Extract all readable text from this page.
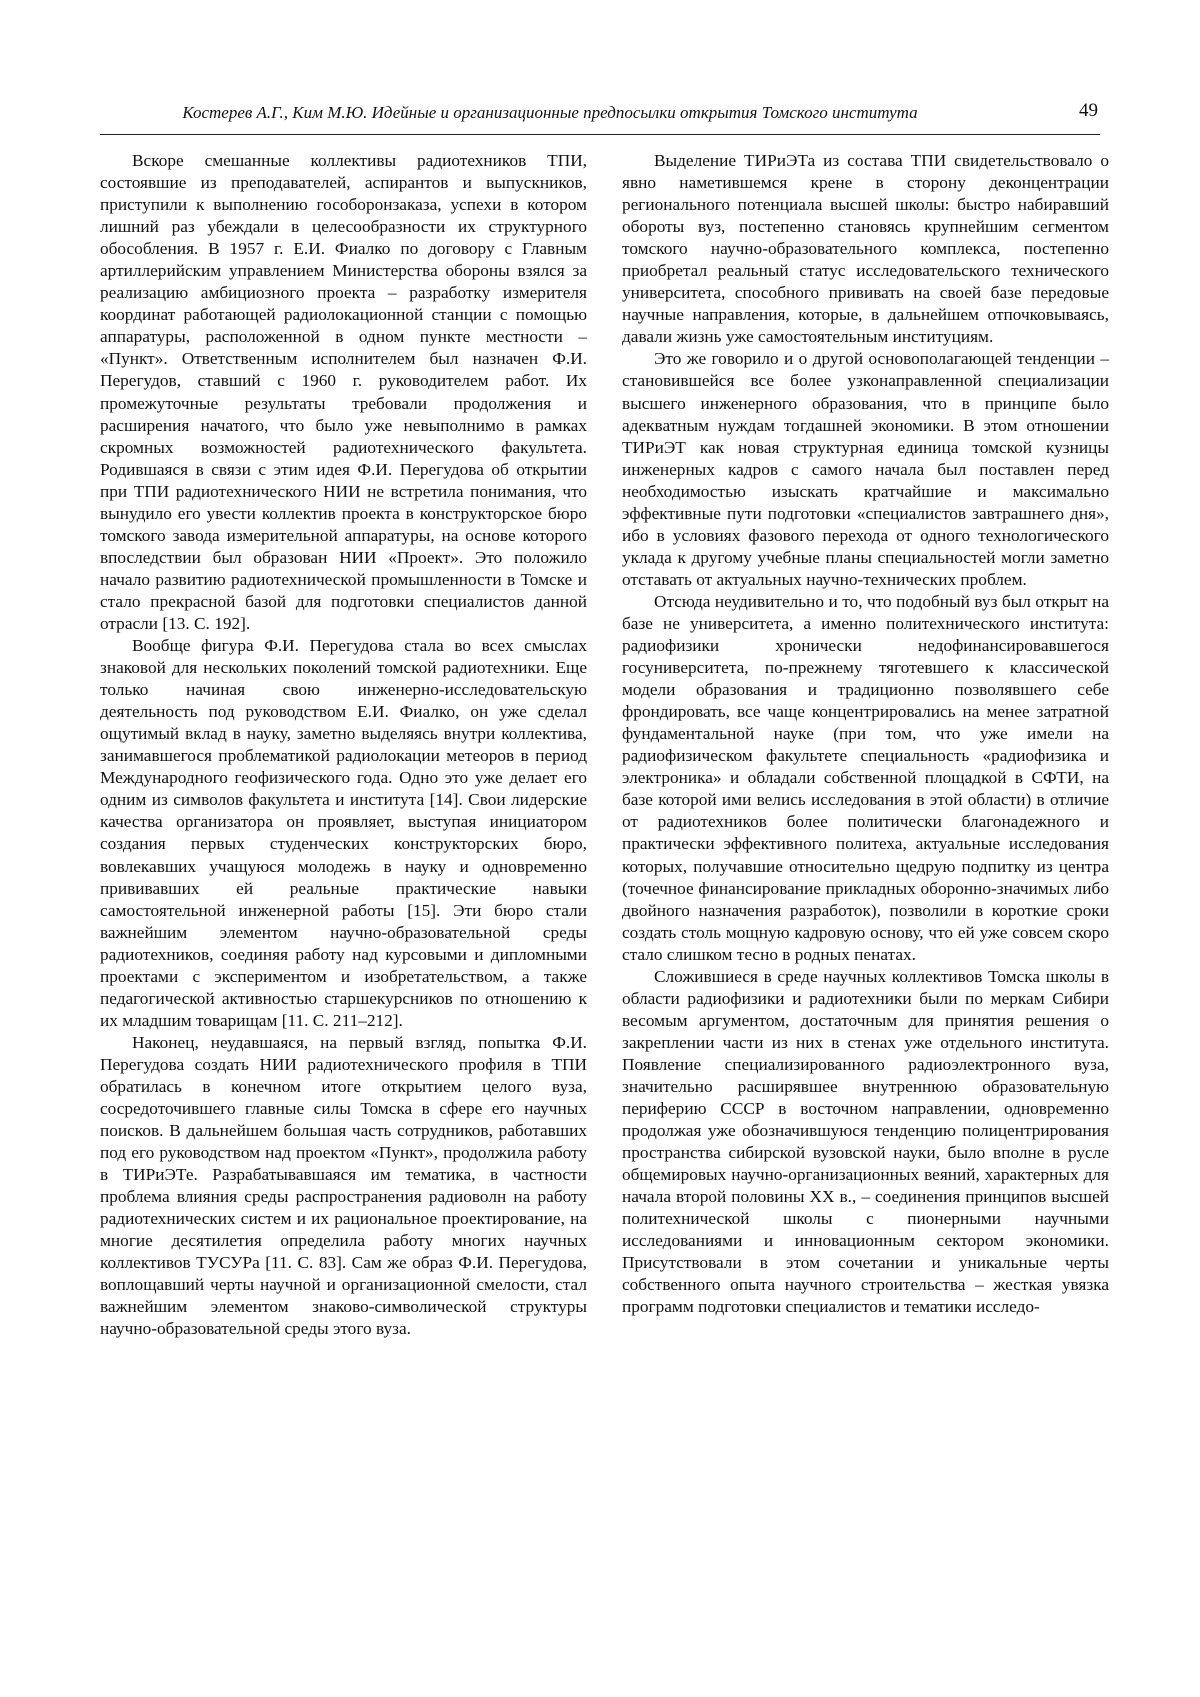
Костерев А.Г., Ким М.Ю. Идейные и организационные предпосылки открытия Томского института	49

Вскоре смешанные коллективы радиотехников ТПИ, состоявшие из преподавателей, аспирантов и выпускников, приступили к выполнению гособоронзаказа, успехи в котором лишний раз убеждали в целесообразности их структурного обособления. В 1957 г. Е.И. Фиалко по договору с Главным артиллерийским управлением Министерства обороны взялся за реализацию амбициозного проекта – разработку измерителя координат работающей радиолокационной станции с помощью аппаратуры, расположенной в одном пункте местности – «Пункт». Ответственным исполнителем был назначен Ф.И. Перегудов, ставший с 1960 г. руководителем работ. Их промежуточные результаты требовали продолжения и расширения начатого, что было уже невыполнимо в рамках скромных возможностей радиотехнического факультета. Родившаяся в связи с этим идея Ф.И. Перегудова об открытии при ТПИ радиотехнического НИИ не встретила понимания, что вынудило его увести коллектив проекта в конструкторское бюро томского завода измерительной аппаратуры, на основе которого впоследствии был образован НИИ «Проект». Это положило начало развитию радиотехнической промышленности в Томске и стало прекрасной базой для подготовки специалистов данной отрасли [13. С. 192].

Вообще фигура Ф.И. Перегудова стала во всех смыслах знаковой для нескольких поколений томской радиотехники. Еще только начиная свою инженерно-исследовательскую деятельность под руководством Е.И. Фиалко, он уже сделал ощутимый вклад в науку, заметно выделяясь внутри коллектива, занимавшегося проблематикой радиолокации метеоров в период Международного геофизического года. Одно это уже делает его одним из символов факультета и института [14]. Свои лидерские качества организатора он проявляет, выступая инициатором создания первых студенческих конструкторских бюро, вовлекавших учащуюся молодежь в науку и одновременно прививавших ей реальные практические навыки самостоятельной инженерной работы [15]. Эти бюро стали важнейшим элементом научно-образовательной среды радиотехников, соединяя работу над курсовыми и дипломными проектами с экспериментом и изобретательством, а также педагогической активностью старшекурсников по отношению к их младшим товарищам [11. С. 211–212].

Наконец, неудавшаяся, на первый взгляд, попытка Ф.И. Перегудова создать НИИ радиотехнического профиля в ТПИ обратилась в конечном итоге открытием целого вуза, сосредоточившего главные силы Томска в сфере его научных поисков. В дальнейшем большая часть сотрудников, работавших под его руководством над проектом «Пункт», продолжила работу в ТИРиЭТе. Разрабатывавшаяся им тематика, в частности проблема влияния среды распространения радиоволн на работу радиотехнических систем и их рациональное проектирование, на многие десятилетия определила работу многих научных коллективов ТУСУРа [11. С. 83]. Сам же образ Ф.И. Перегудова, воплощавший черты научной и организационной смелости, стал важнейшим элементом знаково-символической структуры научно-образовательной среды этого вуза.

Выделение ТИРиЭТа из состава ТПИ свидетельствовало о явно наметившемся крене в сторону деконцентрации регионального потенциала высшей школы: быстро набиравший обороты вуз, постепенно становясь крупнейшим сегментом томского научно-образовательного комплекса, постепенно приобретал реальный статус исследовательского технического университета, способного прививать на своей базе передовые научные направления, которые, в дальнейшем отпочковываясь, давали жизнь уже самостоятельным институциям.

Это же говорило и о другой основополагающей тенденции – становившейся все более узконаправленной специализации высшего инженерного образования, что в принципе было адекватным нуждам тогдашней экономики. В этом отношении ТИРиЭТ как новая структурная единица томской кузницы инженерных кадров с самого начала был поставлен перед необходимостью изыскать кратчайшие и максимально эффективные пути подготовки «специалистов завтрашнего дня», ибо в условиях фазового перехода от одного технологического уклада к другому учебные планы специальностей могли заметно отставать от актуальных научно-технических проблем.

Отсюда неудивительно и то, что подобный вуз был открыт на базе не университета, а именно политехнического института: радиофизики хронически недофинансировавшегося госуниверситета, по-прежнему тяготевшего к классической модели образования и традиционно позволявшего себе фрондировать, все чаще концентрировались на менее затратной фундаментальной науке (при том, что уже имели на радиофизическом факультете специальность «радиофизика и электроника» и обладали собственной площадкой в СФТИ, на базе которой ими велись исследования в этой области) в отличие от радиотехников более политически благонадежного и практически эффективного политеха, актуальные исследования которых, получавшие относительно щедрую подпитку из центра (точечное финансирование прикладных оборонно-значимых либо двойного назначения разработок), позволили в короткие сроки создать столь мощную кадровую основу, что ей уже совсем скоро стало слишком тесно в родных пенатах.

Сложившиеся в среде научных коллективов Томска школы в области радиофизики и радиотехники были по меркам Сибири весомым аргументом, достаточным для принятия решения о закреплении части из них в стенах уже отдельного института. Появление специализированного радиоэлектронного вуза, значительно расширявшее внутреннюю образовательную периферию СССР в восточном направлении, одновременно продолжая уже обозначившуюся тенденцию полицентрирования пространства сибирской вузовской науки, было вполне в русле общемировых научно-организационных веяний, характерных для начала второй половины XX в., – соединения принципов высшей политехнической школы с пионерными научными исследованиями и инновационным сектором экономики. Присутствовали в этом сочетании и уникальные черты собственного опыта научного строительства – жесткая увязка программ подготовки специалистов и тематики исследо-
